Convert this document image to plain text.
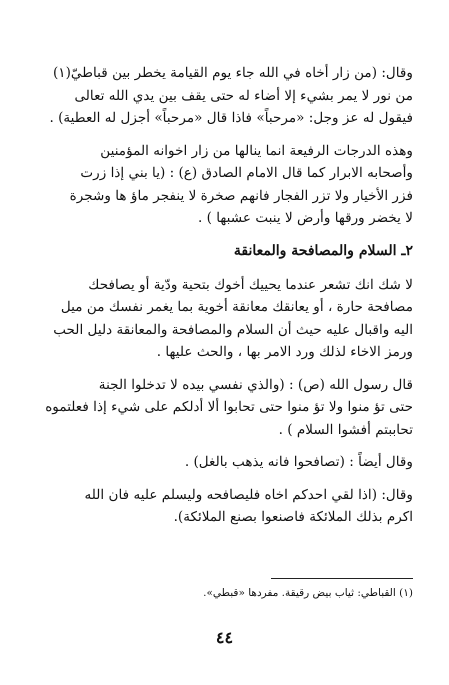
وقال: (من زار أخاه في الله جاء يوم القيامة يخطر بين قباطيّ(١)
من نور لا يمر بشيء إلا أضاء له حتى يقف بين يدي الله تعالى
فيقول له عز وجل: «مرحباً» فاذا قال «مرحباً» أجزل له العطية) .

وهذه الدرجات الرفيعة انما ينالها من زار اخوانه المؤمنين
وأصحابه الابرار كما قال الامام الصادق (ع) : (يا بني إذا زرت
فزر الأخيار ولا تزر الفجار فانهم صخرة لا ينفجر ماؤ ها وشجرة
لا يخضر ورقها وأرض لا ينبت عشبها ) .

٢ـ السلام والمصافحة والمعانقة

لا شك انك تشعر عندما يحييك أخوك بتحية ودّية أو يصافحك
مصافحة حارة ، أو يعانقك معانقة أخوية بما يغمر نفسك من ميل
اليه واقبال عليه حيث أن السلام والمصافحة والمعانقة دليل الحب
ورمز الاخاء لذلك ورد الامر بها ، والحث عليها .

قال رسول الله (ص) : (والذي نفسي بيده لا تدخلوا الجنة
حتى تؤ منوا ولا تؤ منوا حتى تحابوا ألا أدلكم على شيء إذا فعلتموه
تحاببتم أفشوا السلام ) .

وقال أيضاً : (تصافحوا فانه يذهب بالغل) .

وقال: (اذا لقي احدكم اخاه فليصافحه وليسلم عليه فان الله
اكرم بذلك الملائكة فاصنعوا بصنع الملائكة).

(١) القباطي: ثياب بيض رقيقة. مفردها «قبطي».
٤٤
